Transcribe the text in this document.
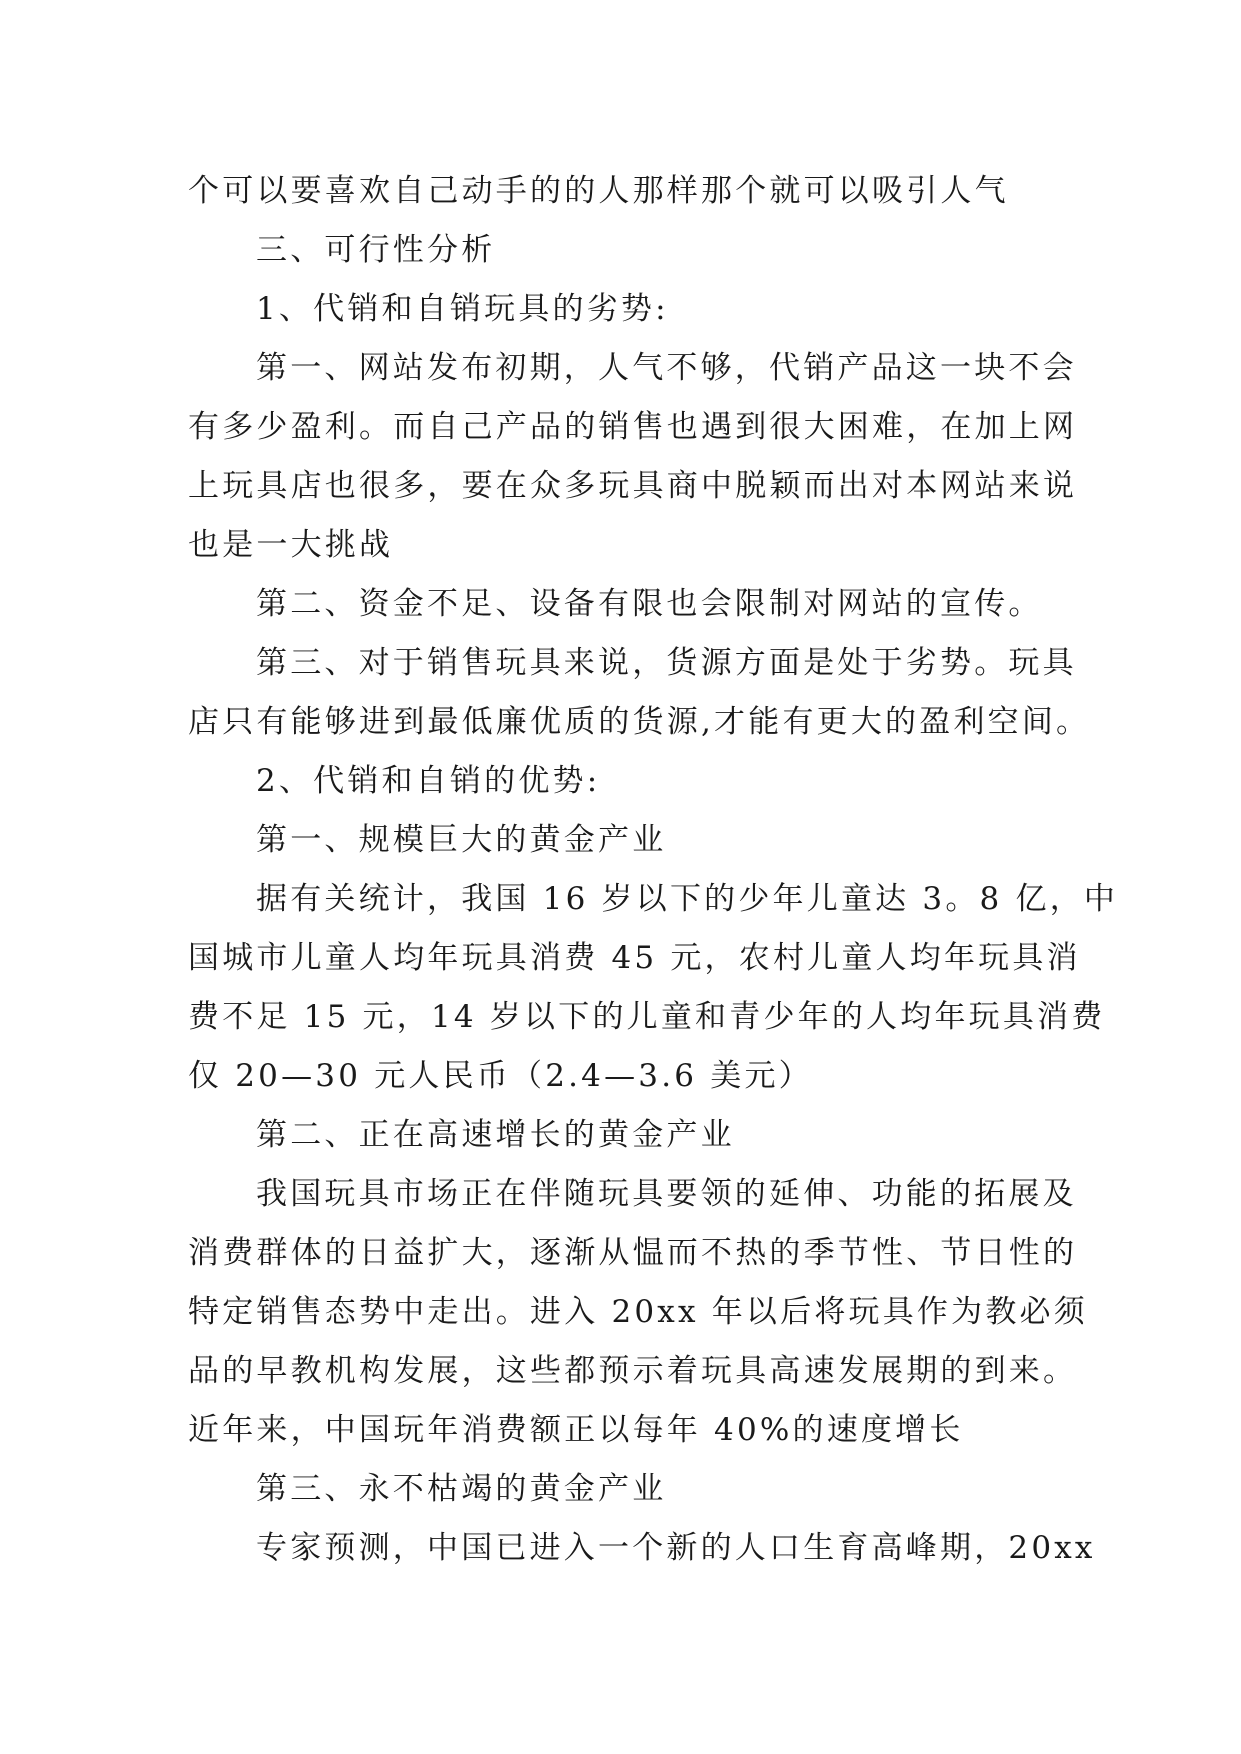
个可以要喜欢自己动手的的人那样那个就可以吸引人气
三、可行性分析
1、代销和自销玩具的劣势:
第一、网站发布初期，人气不够，代销产品这一块不会
有多少盈利。而自己产品的销售也遇到很大困难，在加上网
上玩具店也很多，要在众多玩具商中脱颖而出对本网站来说
也是一大挑战
第二、资金不足、设备有限也会限制对网站的宣传。
第三、对于销售玩具来说，货源方面是处于劣势。玩具
店只有能够进到最低廉优质的货源,才能有更大的盈利空间。
2、代销和自销的优势:
第一、规模巨大的黄金产业
据有关统计，我国 16 岁以下的少年儿童达 3。8 亿，中
国城市儿童人均年玩具消费 45 元，农村儿童人均年玩具消
费不足 15 元，14 岁以下的儿童和青少年的人均年玩具消费
仅 20—30 元人民币（2.4—3.6 美元）
第二、正在高速增长的黄金产业
我国玩具市场正在伴随玩具要领的延伸、功能的拓展及
消费群体的日益扩大，逐渐从愠而不热的季节性、节日性的
特定销售态势中走出。进入 20xx 年以后将玩具作为教必须
品的早教机构发展，这些都预示着玩具高速发展期的到来。
近年来，中国玩年消费额正以每年 40%的速度增长
第三、永不枯竭的黄金产业
专家预测，中国已进入一个新的人口生育高峰期，20xx
